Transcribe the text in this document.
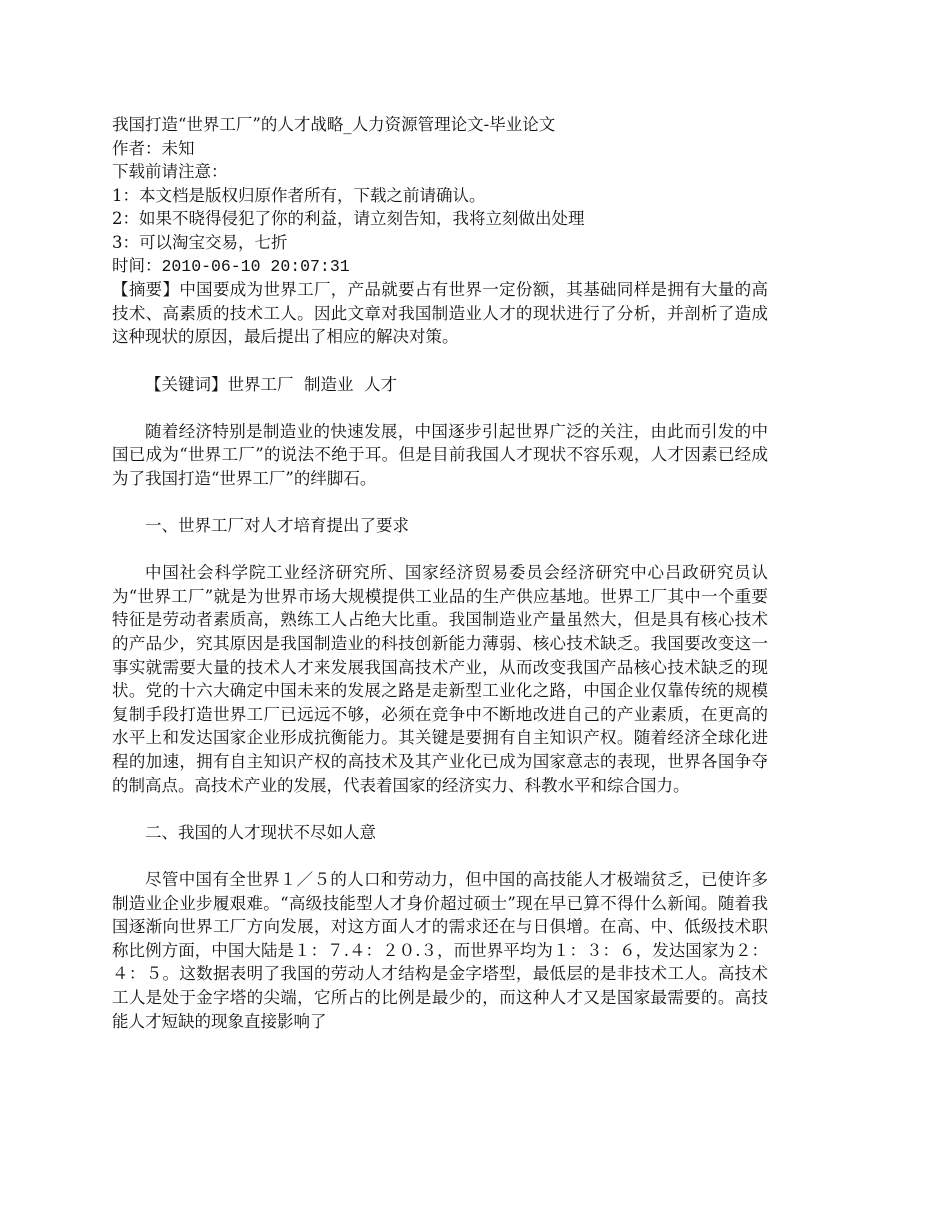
我国打造“世界工厂”的人才战略_人力资源管理论文-毕业论文
作者：未知
下载前请注意：
1：本文档是版权归原作者所有，下载之前请确认。
2：如果不晓得侵犯了你的利益，请立刻告知，我将立刻做出处理
3：可以淘宝交易，七折
时间：2010-06-10 20:07:31

【摘要】中国要成为世界工厂，产品就要占有世界一定份额，其基础同样是拥有大量的高技术、高素质的技术工人。因此文章对我国制造业人才的现状进行了分析，并剖析了造成这种现状的原因，最后提出了相应的解决对策。

【关键词】世界工厂  制造业  人才

随着经济特别是制造业的快速发展，中国逐步引起世界广泛的关注，由此而引发的中国已成为“世界工厂”的说法不绝于耳。但是目前我国人才现状不容乐观，人才因素已经成为了我国打造“世界工厂”的绊脚石。

一、世界工厂对人才培育提出了要求

中国社会科学院工业经济研究所、国家经济贸易委员会经济研究中心吕政研究员认为“世界工厂”就是为世界市场大规模提供工业品的生产供应基地。世界工厂其中一个重要特征是劳动者素质高，熟练工人占绝大比重。我国制造业产量虽然大，但是具有核心技术的产品少，究其原因是我国制造业的科技创新能力薄弱、核心技术缺乏。我国要改变这一事实就需要大量的技术人才来发展我国高技术产业，从而改变我国产品核心技术缺乏的现状。党的十六大确定中国未来的发展之路是走新型工业化之路，中国企业仅靠传统的规模复制手段打造世界工厂已远远不够，必须在竞争中不断地改进自己的产业素质，在更高的水平上和发达国家企业形成抗衡能力。其关键是要拥有自主知识产权。随着经济全球化进程的加速，拥有自主知识产权的高技术及其产业化已成为国家意志的表现，世界各国争夺的制高点。高技术产业的发展，代表着国家的经济实力、科教水平和综合国力。

二、我国的人才现状不尽如人意

尽管中国有全世界１／５的人口和劳动力，但中国的高技能人才极端贫乏，已使许多制造业企业步履艰难。“高级技能型人才身价超过硕士”现在早已算不得什么新闻。随着我国逐渐向世界工厂方向发展，对这方面人才的需求还在与日俱增。在高、中、低级技术职称比例方面，中国大陆是１：７.４：２０.３，而世界平均为１：３：６，发达国家为２：４：５。这数据表明了我国的劳动人才结构是金字塔型，最低层的是非技术工人。高技术工人是处于金字塔的尖端，它所占的比例是最少的，而这种人才又是国家最需要的。高技能人才短缺的现象直接影响了
